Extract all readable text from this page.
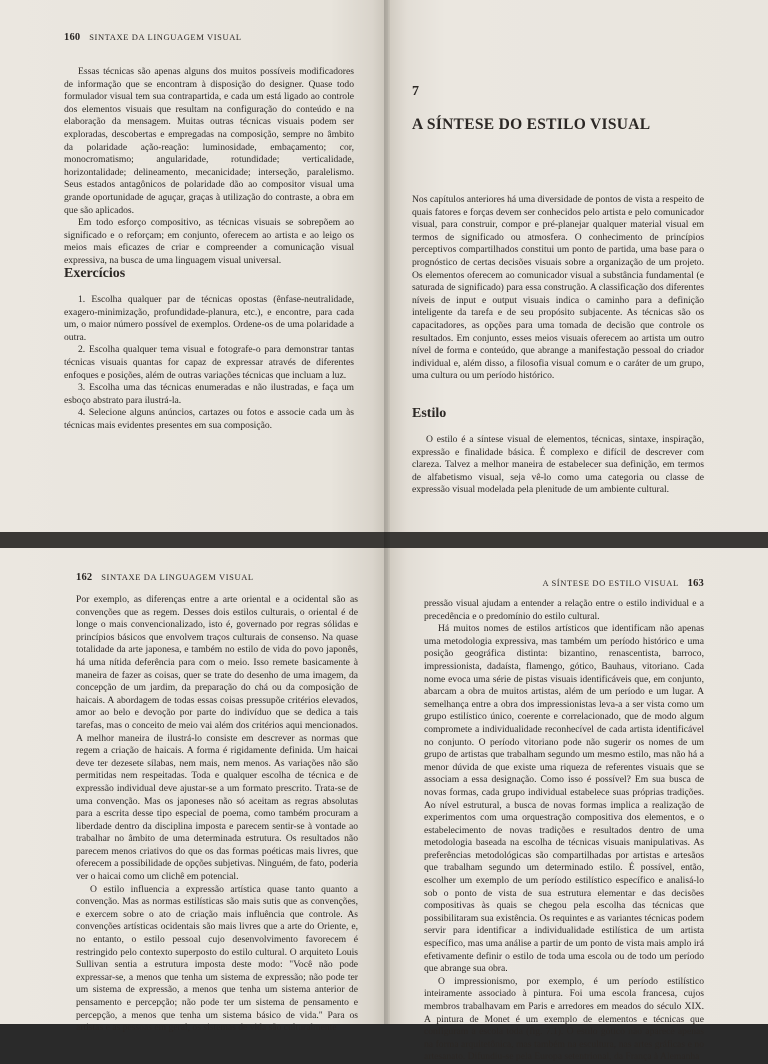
160 SINTAXE DA LINGUAGEM VISUAL

Essas técnicas são apenas alguns dos muitos possíveis modificadores de informação que se encontram à disposição do designer. Quase todo formulador visual tem sua contrapartida, e cada um está ligado ao controle dos elementos visuais que resultam na configuração do conteúdo e na elaboração da mensagem. Muitas outras técnicas visuais podem ser exploradas, descobertas e empregadas na composição, sempre no âmbito da polaridade ação-reação: luminosidade, embaçamento; cor, monocromatismo; angularidade, rotundidade; verticalidade, horizontalidade; delineamento, mecanicidade; interseção, paralelismo. Seus estados antagônicos de polaridade dão ao compositor visual uma grande oportunidade de aguçar, graças à utilização do contraste, a obra em que são aplicados.

Em todo esforço compositivo, as técnicas visuais se sobrepõem ao significado e o reforçam; em conjunto, oferecem ao artista e ao leigo os meios mais eficazes de criar e compreender a comunicação visual expressiva, na busca de uma linguagem visual universal.

Exercícios

1. Escolha qualquer par de técnicas opostas (ênfase-neutralidade, exagero-minimização, profundidade-planura, etc.), e encontre, para cada um, o maior número possível de exemplos. Ordene-os de uma polaridade a outra.

2. Escolha qualquer tema visual e fotografe-o para demonstrar tantas técnicas visuais quantas for capaz de expressar através de diferentes enfoques e posições, além de outras variações técnicas que incluam a luz.

3. Escolha uma das técnicas enumeradas e não ilustradas, e faça um esboço abstrato para ilustrá-la.

4. Selecione alguns anúncios, cartazes ou fotos e associe cada um às técnicas mais evidentes presentes em sua composição.

7
A SÍNTESE DO ESTILO VISUAL

Nos capítulos anteriores há uma diversidade de pontos de vista a respeito de quais fatores e forças devem ser conhecidos pelo artista e pelo comunicador visual, para construir, compor e pré-planejar qualquer material visual em termos de significado ou atmosfera. O conhecimento de princípios perceptivos compartilhados constitui um ponto de partida, uma base para o prognóstico de certas decisões visuais sobre a organização de um projeto. Os elementos oferecem ao comunicador visual a substância fundamental (e saturada de significado) para essa construção. A classificação dos diferentes níveis de input e output visuais indica o caminho para a definição inteligente da tarefa e de seu propósito subjacente. As técnicas são os capacitadores, as opções para uma tomada de decisão que controle os resultados. Em conjunto, esses meios visuais oferecem ao artista um outro nível de forma e conteúdo, que abrange a manifestação pessoal do criador individual e, além disso, a filosofia visual comum e o caráter de um grupo, uma cultura ou um período histórico.

Estilo

O estilo é a síntese visual de elementos, técnicas, sintaxe, inspiração, expressão e finalidade básica. É complexo e difícil de descrever com clareza. Talvez a melhor maneira de estabelecer sua definição, em termos de alfabetismo visual, seja vê-lo como uma categoria ou classe de expressão visual modelada pela plenitude de um ambiente cultural.

162 SINTAXE DA LINGUAGEM VISUAL

Por exemplo, as diferenças entre a arte oriental e a ocidental são as convenções que as regem. Desses dois estilos culturais, o oriental é de longe o mais convencionalizado, isto é, governado por regras sólidas e princípios básicos que envolvem traços culturais de consenso. Na quase totalidade da arte japonesa, e também no estilo de vida do povo japonês, há uma nítida deferência para com o meio. Isso remete basicamente à maneira de fazer as coisas, quer se trate do desenho de uma imagem, da concepção de um jardim, da preparação do chá ou da composição de haicais. A abordagem de todas essas coisas pressupõe critérios elevados, amor ao belo e devoção por parte do indivíduo que se dedica a tais tarefas, mas o conceito de meio vai além dos critérios aqui mencionados. A melhor maneira de ilustrá-lo consiste em descrever as normas que regem a criação de haicais. A forma é rigidamente definida. Um haicai deve ter dezesete sílabas, nem mais, nem menos. As variações não são permitidas nem respeitadas. Toda e qualquer escolha de técnica e de expressão individual deve ajustar-se a um formato prescrito. Trata-se de uma convenção. Mas os japoneses não só aceitam as regras absolutas para a escrita desse tipo especial de poema, como também procuram a liberdade dentro da disciplina imposta e parecem sentir-se à vontade ao trabalhar no âmbito de uma determinada estrutura. Os resultados não parecem menos criativos do que os das formas poéticas mais livres, que oferecem a possibilidade de opções subjetivas. Ninguém, de fato, poderia ver o haicai como um clichê em potencial.

O estilo influencia a expressão artística quase tanto quanto a convenção. Mas as normas estilísticas são mais sutis que as convenções, e exercem sobre o ato de criação mais influência que controle. As convenções artísticas ocidentais são mais livres que a arte do Oriente, e, no entanto, o estilo pessoal cujo desenvolvimento favorecem é restringido pelo contexto superposto do estilo cultural. O arquiteto Louis Sullivan sentia a estrutura imposta deste modo: "Você não pode expressar-se, a menos que tenha um sistema de expressão; não pode ter um sistema de expressão, a menos que tenha um sistema anterior de pensamento e percepção; não pode ter um sistema de pensamento e percepção, a menos que tenha um sistema básico de vida." Para os artistas e as pessoas em geral, os sistemas de vida são culturalmente

A SÍNTESE DO ESTILO VISUAL 163

pressão visual ajudam a entender a relação entre o estilo individual e a precedência e o predomínio do estilo cultural.

Há muitos nomes de estilos artísticos que identificam não apenas uma metodologia expressiva, mas também um período histórico e uma posição geográfica distinta: bizantino, renascentista, barroco, impressionista, dadaísta, flamengo, gótico, Bauhaus, vitoriano. Cada nome evoca uma série de pistas visuais identificáveis que, em conjunto, abarcam a obra de muitos artistas, além de um período e um lugar. A semelhança entre a obra dos impressionistas leva-a a ser vista como um grupo estilístico único, coerente e correlacionado, que de modo algum compromete a individualidade reconhecível de cada artista identificável no conjunto. O período vitoriano pode não sugerir os nomes de um grupo de artistas que trabalham segundo um mesmo estilo, mas não há a menor dúvida de que existe uma riqueza de referentes visuais que se associam a essa designação. Como isso é possível? Em sua busca de novas formas, cada grupo individual estabelece suas próprias tradições. Ao nível estrutural, a busca de novas formas implica a realização de experimentos com uma orquestração compositiva dos elementos, e o estabelecimento de novas tradições e resultados dentro de uma metodologia baseada na escolha de técnicas visuais manipulativas. As preferências metodológicas são compartilhadas por artistas e artesãos que trabalham segundo um determinado estilo. É possível, então, escolher um exemplo de um período estilístico específico e analisá-lo sob o ponto de vista de sua estrutura elementar e das decisões compositivas às quais se chegou pela escolha das técnicas que possibilitaram sua existência. Os requintes e as variantes técnicas podem servir para identificar a individualidade estilística de um artista específico, mas uma análise a partir de um ponto de vista mais amplo irá efetivamente definir o estilo de toda uma escola ou de todo um período que abrange sua obra.

O impressionismo, por exemplo, é um período estilístico inteiramente associado à pintura. Foi uma escola francesa, cujos membros trabalhavam em Paris e arredores em meados do século XIX. A pintura de Monet é um exemplo de elementos e técnicas que configuram a escola toda (fig. 7.1). O estilo gótico não aparece apenas na forma arquitetônica, mas também na escultura, nas artes gráficas e no artesanato. Difundiu-se pela Europa setentrional, da França à Alemanha
